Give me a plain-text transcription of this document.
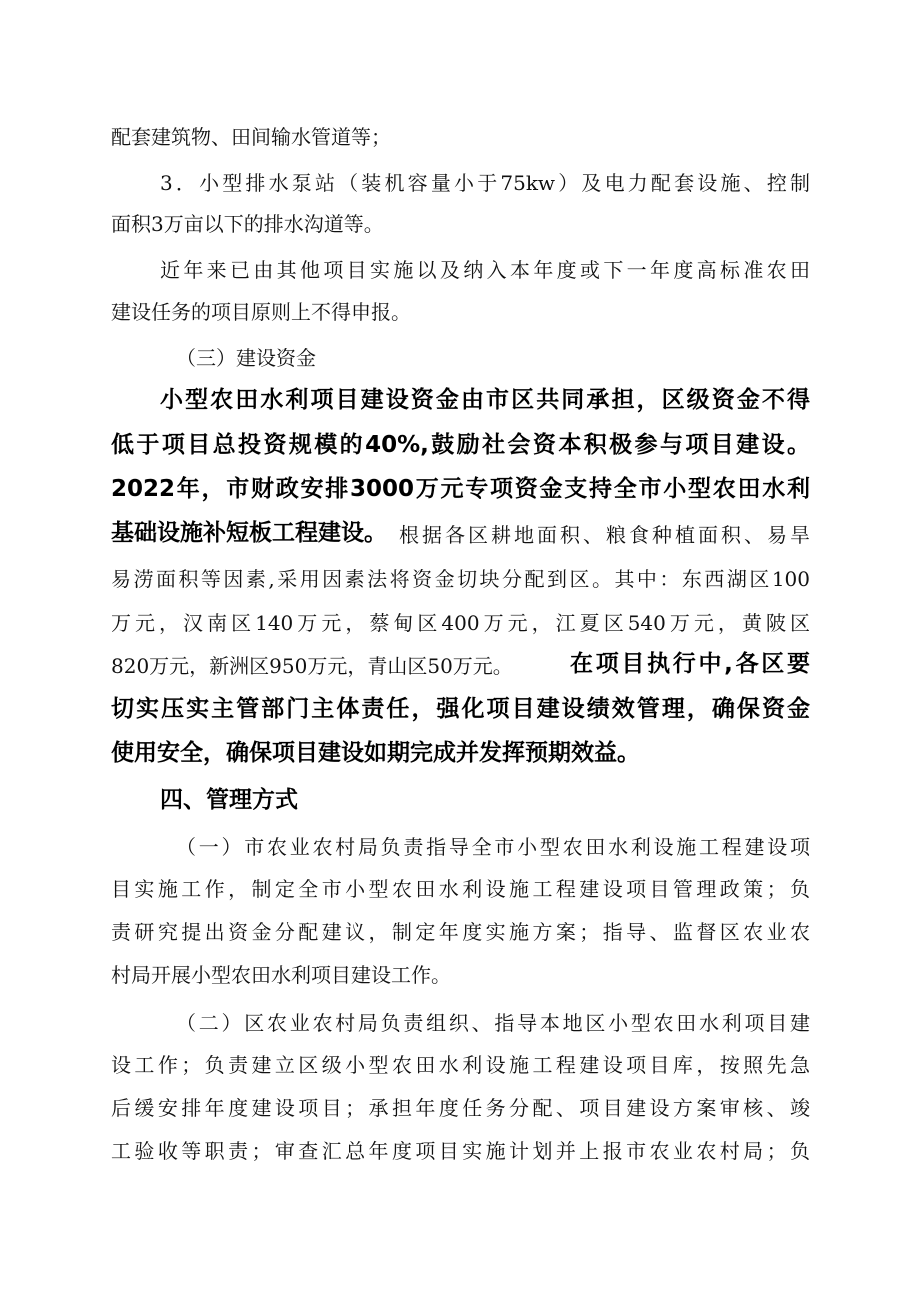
配套建筑物、田间输水管道等；
3．小型排水泵站（装机容量小于75kw）及电力配套设施、控制
面积3万亩以下的排水沟道等。
近年来已由其他项目实施以及纳入本年度或下一年度高标准农田
建设任务的项目原则上不得申报。
（三）建设资金
小型农田水利项目建设资金由市区共同承担，区级资金不得
低于项目总投资规模的40%,鼓励社会资本积极参与项目建设。
2022年，市财政安排3000万元专项资金支持全市小型农田水利
基础设施补短板工程建设。 根据各区耕地面积、粮食种植面积、易旱
易涝面积等因素,采用因素法将资金切块分配到区。其中：东西湖区100
万元，汉南区140万元，蔡甸区400万元，江夏区540万元，黄陂区
820万元，新洲区950万元，青山区50万元。 在项目执行中,各区要
切实压实主管部门主体责任，强化项目建设绩效管理，确保资金
使用安全，确保项目建设如期完成并发挥预期效益。
四、管理方式
（一）市农业农村局负责指导全市小型农田水利设施工程建设项
目实施工作，制定全市小型农田水利设施工程建设项目管理政策；负
责研究提出资金分配建议，制定年度实施方案；指导、监督区农业农
村局开展小型农田水利项目建设工作。
（二）区农业农村局负责组织、指导本地区小型农田水利项目建
设工作；负责建立区级小型农田水利设施工程建设项目库，按照先急
后缓安排年度建设项目；承担年度任务分配、项目建设方案审核、竣
工验收等职责；审查汇总年度项目实施计划并上报市农业农村局；负
